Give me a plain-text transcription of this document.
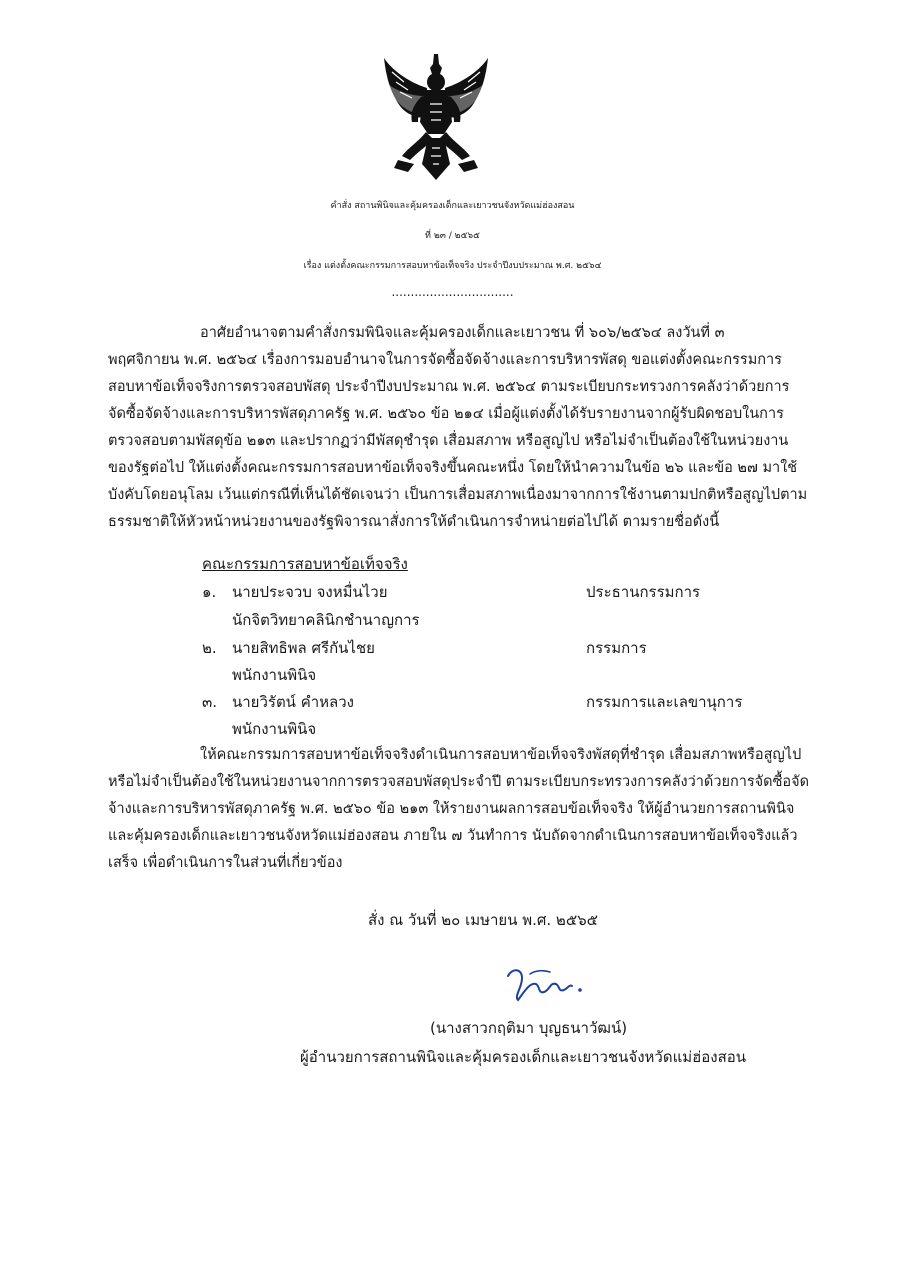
คำสั่ง สถานพินิจและคุ้มครองเด็กและเยาวชนจังหวัดแม่ฮ่องสอน
ที่ ๒๓ / ๒๕๖๕
เรื่อง แต่งตั้งคณะกรรมการสอบหาข้อเท็จจริง ประจำปีงบประมาณ พ.ศ. ๒๕๖๔
................................
อาศัยอำนาจตามคำสั่งกรมพินิจและคุ้มครองเด็กและเยาวชน ที่ ๖๐๖/๒๕๖๔ ลงวันที่ ๓
พฤศจิกายน พ.ศ. ๒๕๖๔ เรื่องการมอบอำนาจในการจัดซื้อจัดจ้างและการบริหารพัสดุ ขอแต่งตั้งคณะกรรมการ
สอบหาข้อเท็จจริงการตรวจสอบพัสดุ ประจำปีงบประมาณ พ.ศ. ๒๕๖๔ ตามระเบียบกระทรวงการคลังว่าด้วยการ
จัดซื้อจัดจ้างและการบริหารพัสดุภาครัฐ พ.ศ. ๒๕๖๐ ข้อ ๒๑๔ เมื่อผู้แต่งตั้งได้รับรายงานจากผู้รับผิดชอบในการ
ตรวจสอบตามพัสดุข้อ ๒๑๓ และปรากฏว่ามีพัสดุชำรุด เสื่อมสภาพ หรือสูญไป หรือไม่จำเป็นต้องใช้ในหน่วยงาน
ของรัฐต่อไป ให้แต่งตั้งคณะกรรมการสอบหาข้อเท็จจริงขึ้นคณะหนึ่ง โดยให้นำความในข้อ ๒๖ และข้อ ๒๗ มาใช้
บังคับโดยอนุโลม เว้นแต่กรณีที่เห็นได้ชัดเจนว่า เป็นการเสื่อมสภาพเนื่องมาจากการใช้งานตามปกติหรือสูญไปตาม
ธรรมชาติให้หัวหน้าหน่วยงานของรัฐพิจารณาสั่งการให้ดำเนินการจำหน่ายต่อไปได้ ตามรายชื่อดังนี้
คณะกรรมการสอบหาข้อเท็จจริง
๑. นายประจวบ จงหมื่นไวย	ประธานกรรมการ
นักจิตวิทยาคลินิกชำนาญการ
๒. นายสิทธิพล ศรีกันไชย	กรรมการ
พนักงานพินิจ
๓. นายวิรัตน์ คำหลวง	กรรมการและเลขานุการ
พนักงานพินิจ
ให้คณะกรรมการสอบหาข้อเท็จจริงดำเนินการสอบหาข้อเท็จจริงพัสดุที่ชำรุด เสื่อมสภาพหรือสูญไป
หรือไม่จำเป็นต้องใช้ในหน่วยงานจากการตรวจสอบพัสดุประจำปี ตามระเบียบกระทรวงการคลังว่าด้วยการจัดซื้อจัด
จ้างและการบริหารพัสดุภาครัฐ พ.ศ. ๒๕๖๐ ข้อ ๒๑๓ ให้รายงานผลการสอบข้อเท็จจริง ให้ผู้อำนวยการสถานพินิจ
และคุ้มครองเด็กและเยาวชนจังหวัดแม่ฮ่องสอน ภายใน ๗ วันทำการ นับถัดจากดำเนินการสอบหาข้อเท็จจริงแล้ว
เสร็จ เพื่อดำเนินการในส่วนที่เกี่ยวข้อง
สั่ง ณ วันที่ ๒๐ เมษายน พ.ศ. ๒๕๖๕
(นางสาวกฤติมา บุญธนาวัฒน์)
ผู้อำนวยการสถานพินิจและคุ้มครองเด็กและเยาวชนจังหวัดแม่ฮ่องสอน
